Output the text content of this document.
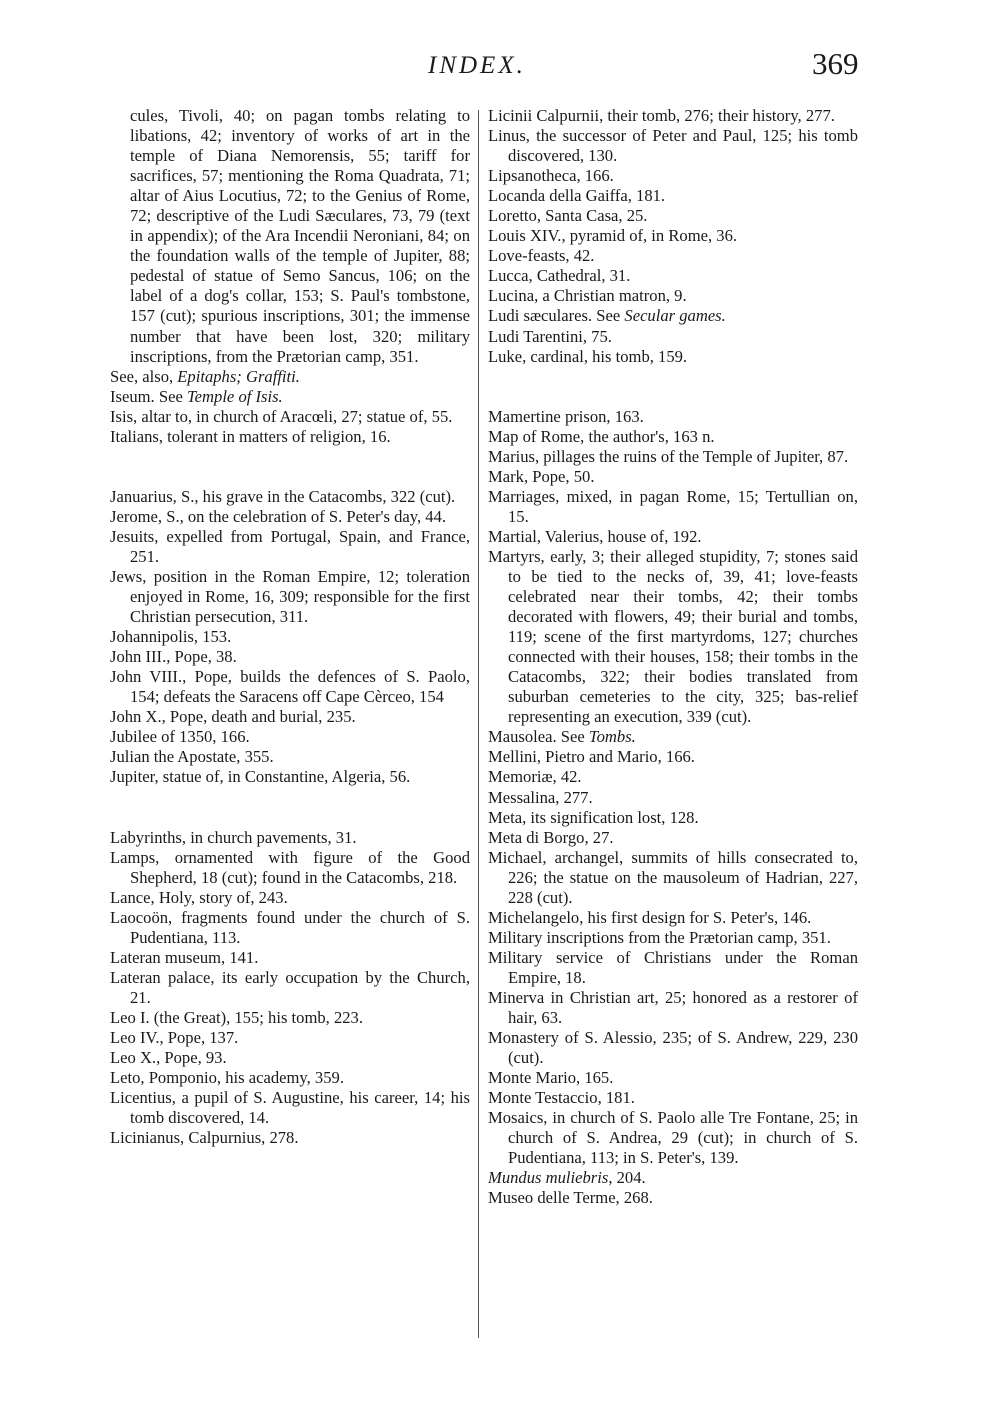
INDEX.	369

cules, Tivoli, 40; on pagan tombs relating to libations, 42; inventory of works of art in the temple of Diana Nemorensis, 55; tariff for sacrifices, 57; mentioning the Roma Quadrata, 71; altar of Aius Locutius, 72; to the Genius of Rome, 72; descriptive of the Ludi Sæculares, 73, 79 (text in appendix); of the Ara Incendii Neroniani, 84; on the foundation walls of the temple of Jupiter, 88; pedestal of statue of Semo Sancus, 106; on the label of a dog's collar, 153; S. Paul's tombstone, 157 (cut); spurious inscriptions, 301; the immense number that have been lost, 320; military inscriptions, from the Prætorian camp, 351.

See, also, Epitaphs; Graffiti.

Iseum. See Temple of Isis.

Isis, altar to, in church of Aracœli, 27; statue of, 55.

Italians, tolerant in matters of religion, 16.

Januarius, S., his grave in the Catacombs, 322 (cut).

Jerome, S., on the celebration of S. Peter's day, 44.

Jesuits, expelled from Portugal, Spain, and France, 251.

Jews, position in the Roman Empire, 12; toleration enjoyed in Rome, 16, 309; responsible for the first Christian persecution, 311.

Johannipolis, 153.

John III., Pope, 38.

John VIII., Pope, builds the defences of S. Paolo, 154; defeats the Saracens off Cape Cèrceo, 154

John X., Pope, death and burial, 235.

Jubilee of 1350, 166.

Julian the Apostate, 355.

Jupiter, statue of, in Constantine, Algeria, 56.

Labyrinths, in church pavements, 31.

Lamps, ornamented with figure of the Good Shepherd, 18 (cut); found in the Catacombs, 218.

Lance, Holy, story of, 243.

Laocoön, fragments found under the church of S. Pudentiana, 113.

Lateran museum, 141.

Lateran palace, its early occupation by the Church, 21.

Leo I. (the Great), 155; his tomb, 223.

Leo IV., Pope, 137.

Leo X., Pope, 93.

Leto, Pomponio, his academy, 359.

Licentius, a pupil of S. Augustine, his career, 14; his tomb discovered, 14.

Licinianus, Calpurnius, 278.

Licinii Calpurnii, their tomb, 276; their history, 277.

Linus, the successor of Peter and Paul, 125; his tomb discovered, 130.

Lipsanotheca, 166.

Locanda della Gaiffa, 181.

Loretto, Santa Casa, 25.

Louis XIV., pyramid of, in Rome, 36.

Love-feasts, 42.

Lucca, Cathedral, 31.

Lucina, a Christian matron, 9.

Ludi sæculares. See Secular games.

Ludi Tarentini, 75.

Luke, cardinal, his tomb, 159.

Mamertine prison, 163.

Map of Rome, the author's, 163 n.

Marius, pillages the ruins of the Temple of Jupiter, 87.

Mark, Pope, 50.

Marriages, mixed, in pagan Rome, 15; Tertullian on, 15.

Martial, Valerius, house of, 192.

Martyrs, early, 3; their alleged stupidity, 7; stones said to be tied to the necks of, 39, 41; love-feasts celebrated near their tombs, 42; their tombs decorated with flowers, 49; their burial and tombs, 119; scene of the first martyrdoms, 127; churches connected with their houses, 158; their tombs in the Catacombs, 322; their bodies translated from suburban cemeteries to the city, 325; bas-relief representing an execution, 339 (cut).

Mausolea. See Tombs.

Mellini, Pietro and Mario, 166.

Memoriæ, 42.

Messalina, 277.

Meta, its signification lost, 128.

Meta di Borgo, 27.

Michael, archangel, summits of hills consecrated to, 226; the statue on the mausoleum of Hadrian, 227, 228 (cut).

Michelangelo, his first design for S. Peter's, 146.

Military inscriptions from the Prætorian camp, 351.

Military service of Christians under the Roman Empire, 18.

Minerva in Christian art, 25; honored as a restorer of hair, 63.

Monastery of S. Alessio, 235; of S. Andrew, 229, 230 (cut).

Monte Mario, 165.

Monte Testaccio, 181.

Mosaics, in church of S. Paolo alle Tre Fontane, 25; in church of S. Andrea, 29 (cut); in church of S. Pudentiana, 113; in S. Peter's, 139.

Mundus muliebris, 204.

Museo delle Terme, 268.
